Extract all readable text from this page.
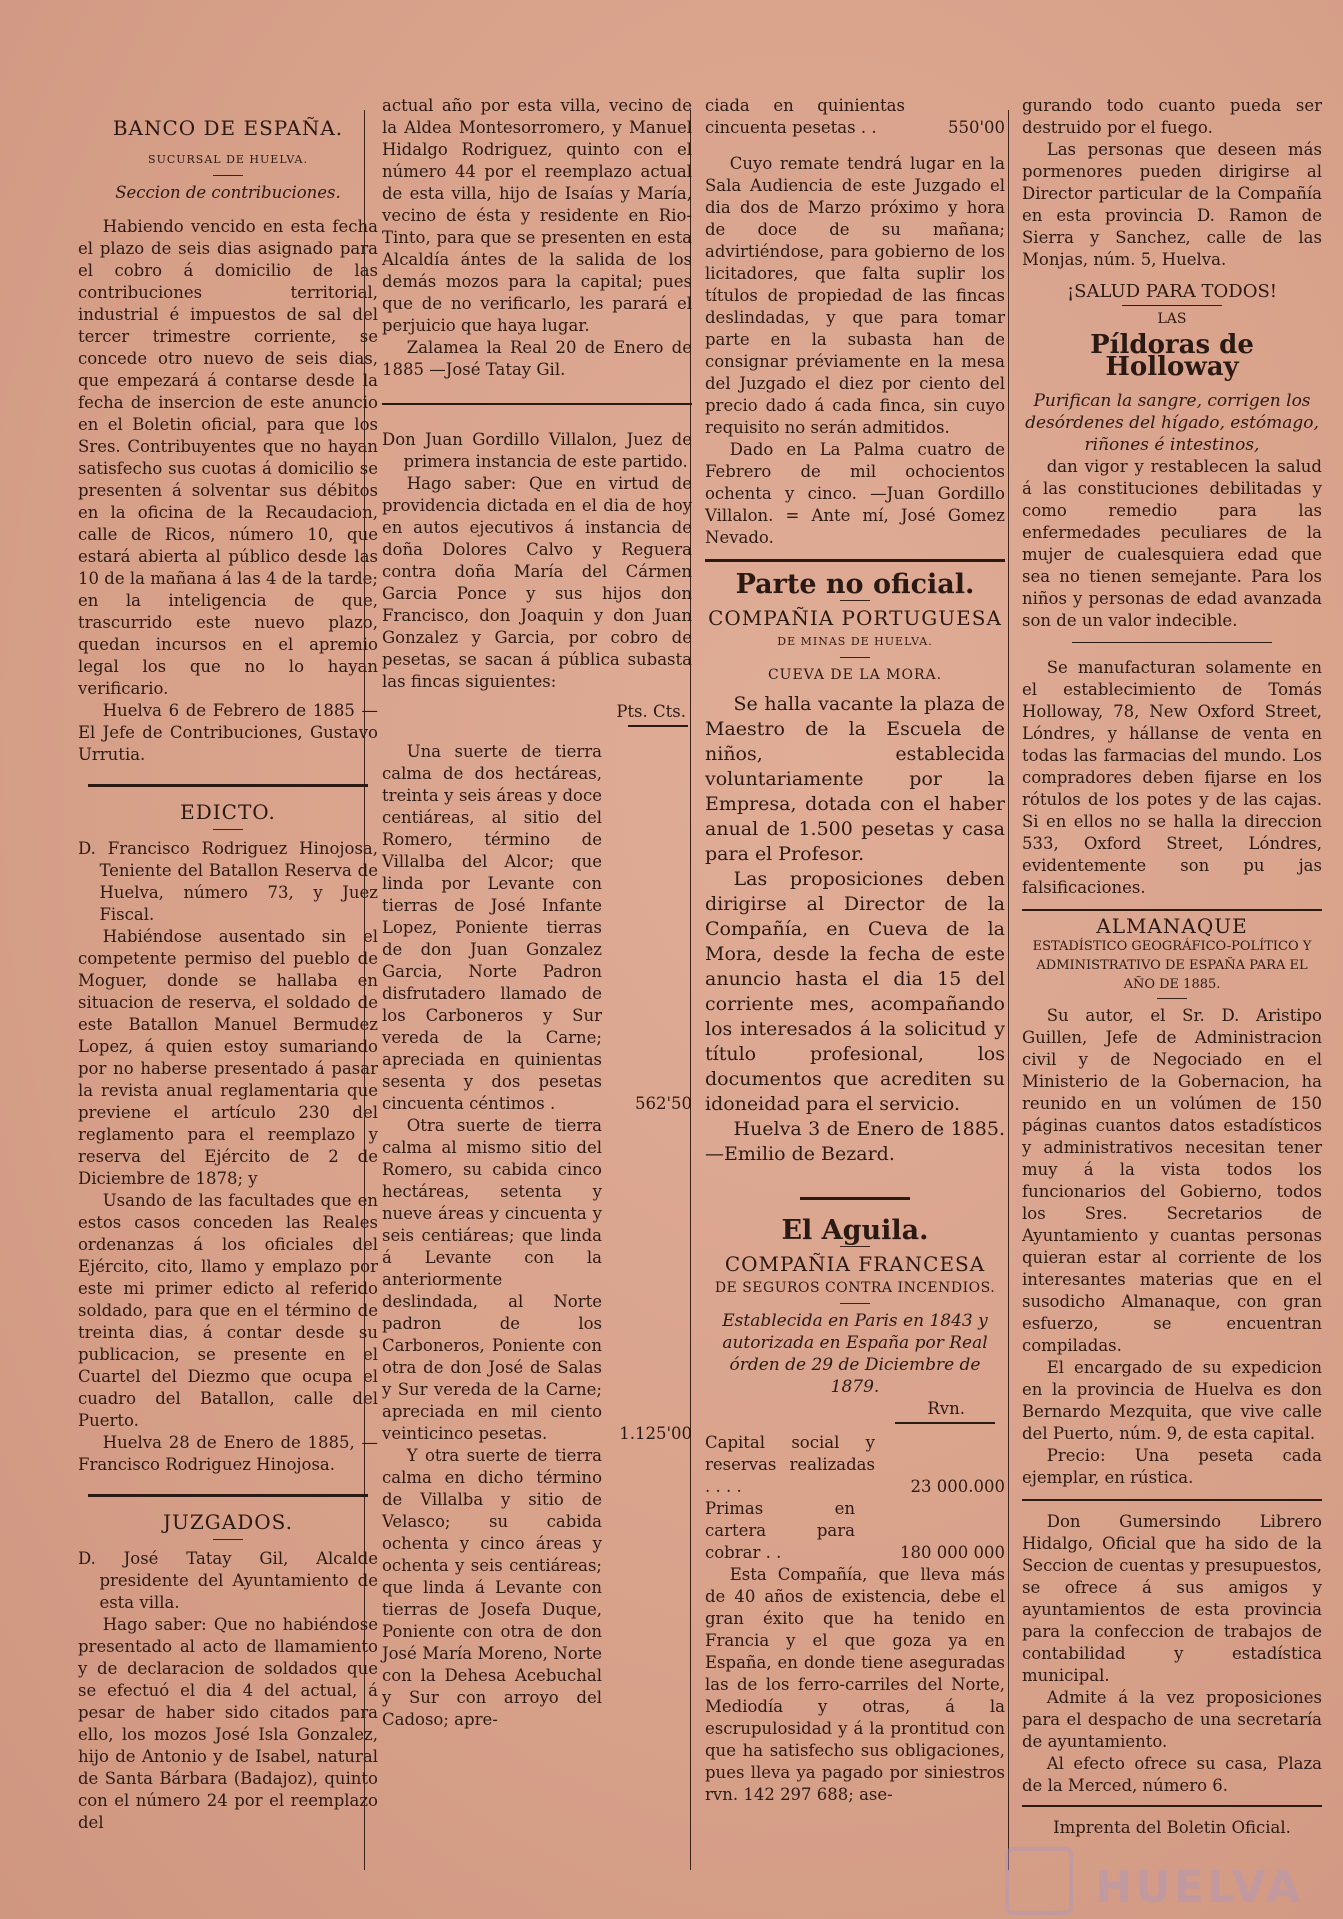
BANCO DE ESPAÑA.
SUCURSAL DE HUELVA.
Seccion de contribuciones.

Habiendo vencido en esta fecha el plazo de seis dias asignado para el cobro á domicilio de las contribuciones territorial, industrial é impuestos de sal del tercer trimestre corriente, se concede otro nuevo de seis dias, que empezará á contarse desde la fecha de insercion de este anuncio en el Boletin oficial, para que los Sres. Contribuyentes que no hayan satisfecho sus cuotas á domicilio se presenten á solventar sus débitos en la oficina de la Recaudacion, calle de Ricos, número 10, que estará abierta al público desde las 10 de la mañana á las 4 de la tarde; en la inteligencia de que, trascurrido este nuevo plazo, quedan incursos en el apremio legal los que no lo hayan verificario.

Huelva 6 de Febrero de 1885 —El Jefe de Contribuciones, Gustavo Urrutia.

EDICTO.
D. Francisco Rodriguez Hinojosa, Teniente del Batallon Reserva de Huelva, número 73, y Juez Fiscal.

Habiéndose ausentado sin el competente permiso del pueblo de Moguer, donde se hallaba en situacion de reserva, el soldado de este Batallon Manuel Bermudez Lopez, á quien estoy sumariando por no haberse presentado á pasar la revista anual reglamentaria que previene el artículo 230 del reglamento para el reemplazo y reserva del Ejército de 2 de Diciembre de 1878; y

Usando de las facultades que en estos casos conceden las Reales ordenanzas á los oficiales del Ejército, cito, llamo y emplazo por este mi primer edicto al referido soldado, para que en el término de treinta dias, á contar desde su publicacion, se presente en el Cuartel del Diezmo que ocupa el cuadro del Batallon, calle del Puerto.

Huelva 28 de Enero de 1885, — Francisco Rodriguez Hinojosa.

JUZGADOS.
D. José Tatay Gil, Alcalde presidente del Ayuntamiento de esta villa.

Hago saber: Que no habiéndose presentado al acto de llamamiento y de declaracion de soldados que se efectuó el dia 4 del actual, á pesar de haber sido citados para ello, los mozos José Isla Gonzalez, hijo de Antonio y de Isabel, natural de Santa Bárbara (Badajoz), quinto con el número 24 por el reemplazo del

actual año por esta villa, vecino de la Aldea Montesorromero, y Manuel Hidalgo Rodriguez, quinto con el número 44 por el reemplazo actual de esta villa, hijo de Isaías y María, vecino de ésta y residente en Rio-Tinto, para que se presenten en esta Alcaldía ántes de la salida de los demás mozos para la capital; pues que de no verificarlo, les parará el perjuicio que haya lugar.

Zalamea la Real 20 de Enero de 1885 —José Tatay Gil.

Don Juan Gordillo Villalon, Juez de primera instancia de este partido.

Hago saber: Que en virtud de providencia dictada en el dia de hoy en autos ejecutivos á instancia de doña Dolores Calvo y Reguera contra doña María del Cármen Garcia Ponce y sus hijos don Francisco, don Joaquin y don Juan Gonzalez y Garcia, por cobro de pesetas, se sacan á pública subasta las fincas siguientes:

Pts. Cts.

Una suerte de tierra calma de dos hectáreas, treinta y seis áreas y doce centiáreas, al sitio del Romero, término de Villalba del Alcor; que linda por Levante con tierras de José Infante Lopez, Poniente tierras de don Juan Gonzalez Garcia, Norte Padron disfrutadero llamado de los Carboneros y Sur vereda de la Carne; apreciada en quinientas sesenta y dos pesetas cincuenta céntimos .	562'50

Otra suerte de tierra calma al mismo sitio del Romero, su cabida cinco hectáreas, setenta y nueve áreas y cincuenta y seis centiáreas; que linda á Levante con la anteriormente deslindada, al Norte padron de los Carboneros, Poniente con otra de don José de Salas y Sur vereda de la Carne; apreciada en mil ciento veinticinco pesetas.	1.125'00

Y otra suerte de tierra calma en dicho término de Villalba y sitio de Velasco; su cabida ochenta y cinco áreas y ochenta y seis centiáreas; que linda á Levante con tierras de Josefa Duque, Poniente con otra de don José María Moreno, Norte con la Dehesa Acebuchal y Sur con arroyo del Cadoso; apre-

ciada en quinientas cincuenta pesetas . .	550'00

Cuyo remate tendrá lugar en la Sala Audiencia de este Juzgado el dia dos de Marzo próximo y hora de doce de su mañana; advirtiéndose, para gobierno de los licitadores, que falta suplir los títulos de propiedad de las fincas deslindadas, y que para tomar parte en la subasta han de consignar préviamente en la mesa del Juzgado el diez por ciento del precio dado á cada finca, sin cuyo requisito no serán admitidos.

Dado en La Palma cuatro de Febrero de mil ochocientos ochenta y cinco. —Juan Gordillo Villalon. = Ante mí, José Gomez Nevado.

Parte no oficial.
COMPAÑIA PORTUGUESA
DE MINAS DE HUELVA.
CUEVA DE LA MORA.

Se halla vacante la plaza de Maestro de la Escuela de niños, establecida voluntariamente por la Empresa, dotada con el haber anual de 1.500 pesetas y casa para el Profesor.

Las proposiciones deben dirigirse al Director de la Compañía, en Cueva de la Mora, desde la fecha de este anuncio hasta el dia 15 del corriente mes, acompañando los interesados á la solicitud y título profesional, los documentos que acrediten su idoneidad para el servicio.

Huelva 3 de Enero de 1885.—Emilio de Bezard.

El Aguila.
COMPAÑIA FRANCESA
DE SEGUROS CONTRA INCENDIOS.
Establecida en Paris en 1843 y autorizada en España por Real órden de 29 de Diciembre de 1879.
Rvn.
Capital social y reservas realizadas . . . .	23 000.000
Primas en cartera para cobrar . .	180 000 000

Esta Compañía, que lleva más de 40 años de existencia, debe el gran éxito que ha tenido en Francia y el que goza ya en España, en donde tiene aseguradas las de los ferro-carriles del Norte, Mediodía y otras, á la escrupulosidad y á la prontitud con que ha satisfecho sus obligaciones, pues lleva ya pagado por siniestros rvn. 142 297 688; ase-

gurando todo cuanto pueda ser destruido por el fuego.

Las personas que deseen más pormenores pueden dirigirse al Director particular de la Compañía en esta provincia D. Ramon de Sierra y Sanchez, calle de las Monjas, núm. 5, Huelva.

¡SALUD PARA TODOS!
LAS
Píldoras de Holloway
Purifican la sangre, corrigen los desórdenes del hígado, estómago, riñones é intestinos,

dan vigor y restablecen la salud á las constituciones debilitadas y como remedio para las enfermedades peculiares de la mujer de cualesquiera edad que sea no tienen semejante. Para los niños y personas de edad avanzada son de un valor indecible.

Se manufacturan solamente en el establecimiento de Tomás Holloway, 78, New Oxford Street, Lóndres, y hállanse de venta en todas las farmacias del mundo. Los compradores deben fijarse en los rótulos de los potes y de las cajas. Si en ellos no se halla la direccion 533, Oxford Street, Lóndres, evidentemente son pu jas falsificaciones.

ALMANAQUE
ESTADÍSTICO GEOGRÁFICO-POLÍTICO Y ADMINISTRATIVO DE ESPAÑA PARA EL AÑO DE 1885.

Su autor, el Sr. D. Aristipo Guillen, Jefe de Administracion civil y de Negociado en el Ministerio de la Gobernacion, ha reunido en un volúmen de 150 páginas cuantos datos estadísticos y administrativos necesitan tener muy á la vista todos los funcionarios del Gobierno, todos los Sres. Secretarios de Ayuntamiento y cuantas personas quieran estar al corriente de los interesantes materias que en el susodicho Almanaque, con gran esfuerzo, se encuentran compiladas.

El encargado de su expedicion en la provincia de Huelva es don Bernardo Mezquita, que vive calle del Puerto, núm. 9, de esta capital.

Precio: Una peseta cada ejemplar, en rústica.

Don Gumersindo Librero Hidalgo, Oficial que ha sido de la Seccion de cuentas y presupuestos, se ofrece á sus amigos y ayuntamientos de esta provincia para la confeccion de trabajos de contabilidad y estadística municipal.

Admite á la vez proposiciones para el despacho de una secretaría de ayuntamiento.

Al efecto ofrece su casa, Plaza de la Merced, número 6.

Imprenta del Boletin Oficial.
HUELVA
